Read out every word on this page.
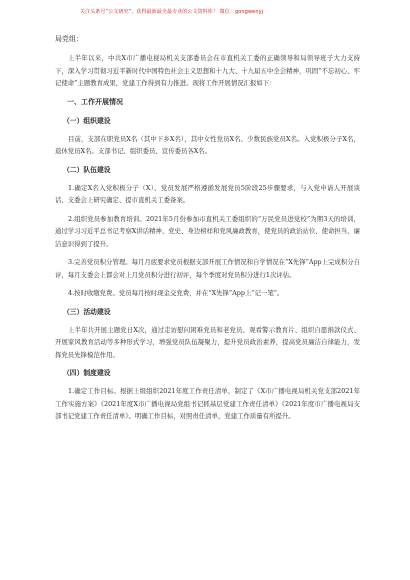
关注头条号“公文研究”，获得最新最全最专业的公文资料库！ 微信：gongwenyj
局党组：

上半年以来，中共X市广播电视局机关支部委员会在市直机关工委的正确领导和局领导班子大力支持下，深入学习贯彻习近平新时代中国特色社会主义思想和十九大、十九届五中全会精神，巩固“不忘初心、牢记使命”主题教育成果，党建工作得到有力推进。现将工作开展情况汇报如下：

一、工作开展情况
（一）组织建设

目前，支部在职党员X名（其中下乡X名），其中女性党员X名、少数民族党员X名。入党积极分子X名，退休党员X名。支部书记、组织委员、宣传委员各X名。

（二）队伍建设

1.确定X名入党积极分子（X）、党员发展严格遵循发展党员5阶段25步骤要求，与入党申请人开展谈话、支委会上研究确定、提市直机关工委备案。

2.组织党员参加教育培训。2021年5月份参加市直机关工委组织的“万民党员进党校”为期3天的培训，通过学习习近平总书记考察X讲话精神、党史、身边榜样和党风廉政教育，使党员的政治站位、使命担当、廉洁意识得到了提升。

3.完善党员积分管理。每月月底要求党员根据支部开展工作情况和自学情况在“X先锋”App上完成积分自评，每月支委会上都会对上月党员积分进行初评，每个季度对党员积分进行1次评估。

4.按时收缴党费。党员每月按时现金交党费，并在“X先锋”App上“记一笔”。

（三）活动建设

上半年共开展主题党日X次，通过走访慰问困难党员和老党员、观看警示教育片、组织自愿捐款仪式、开展家风教育活动等多种形式学习，增强党员队伍凝聚力，提升党员政治素养，提高党员廉洁自律能力，发挥党员先锋模范作用。

（四）制度建设

1.确定工作目标。根据上级组织2021年度工作责任清单，制定了《X市广播电视局机关党支部2021年工作实施方案》《2021年度X市广播电视局党组书记抓基层党建工作责任清单》《2021年度市广播电视局支部书记党建工作责任清单》。明确工作目标，对照责任清单，党建工作质量有所提升。
